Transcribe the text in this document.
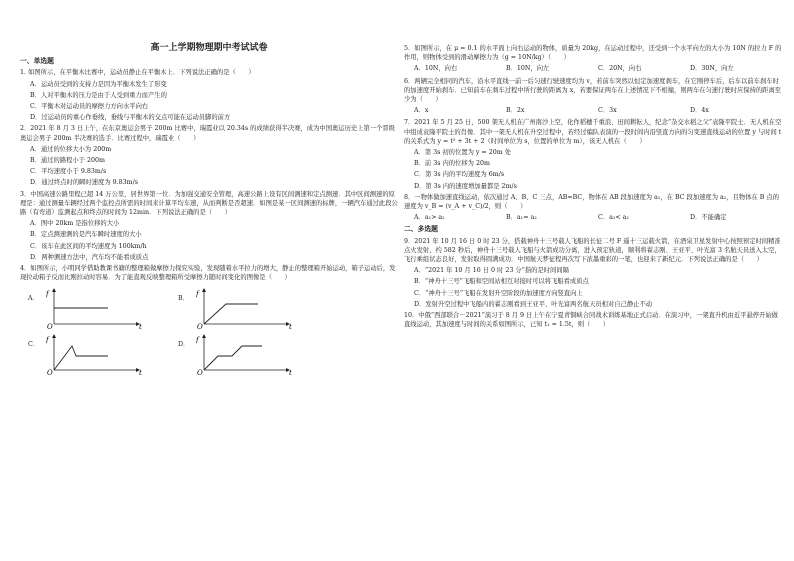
高一上学期物理期中考试试卷
一、单选题
1. 如图所示，在平衡木比赛中，运动员静止在平衡木上．下列说法正确的是（　　）
A．运动员受到的支持力是因为平衡木发生了形变
B．人对平衡木的压力是由于人受到重力而产生的
C．平衡木对运动员的摩擦力方向水平向右
D．过运动员的重心作垂线，垂线与平衡木的交点可能在运动员脚的前方
2．2021 年 8 月 3 日上午，在东京奥运会男子 200m 比赛中，瑞霞业以 20.34s 的成绩获得半决赛，成为中国奥运历史上第一个晋级奥运会男子 200m 半决赛的选手．比赛过程中，瑞霞业（　　）
A．通过的位移大小为 200m
B．通过的路程小于 200m
C．平均速度小于 9.83m/s
D．通过终点时的瞬时速度为 9.83m/s
3．中国高速公路里程已超 14 万公里，居世界第一位．为加强交通安全管理，高速公路上设有区间测速和定点测速．其中区间测速的原理是：通过测量车辆经过两个监控点所需的时间来计算平均车速，从而判断是否超速．如图是某一区间测速的标牌，一辆汽车通过此段公路（有弯道）监测起点和终点的时间为 12min．下列说法正确的是（　　）
A．图中 20km 是指位移的大小
B．定点测速测的是汽车瞬时速度的大小
C．该车在此区间的平均速度为 100km/h
D．两种测速方法中，汽车均不能看成质点
4．如图所示，小明同学借助教课书籍的整理箱做摩擦力探究实验，发现随着水平拉力的增大，静止的整理箱开始运动，箱子运动后，发现拉动箱子反而比刚拉动时容易．为了能直观反映整理箱所受摩擦力随时间变化的图像是（　　）
A．
f
t
O
B．
f
t
O
C．
f
t
O
D．
f
t
O
5．如图所示，在 μ = 0.1 的水平面上向右运动的物体，质量为 20kg，在运动过程中，还受到一个水平向左的大小为 10N 的拉力 F 的作用，则物体受到的滑动摩擦力为（g = 10N/kg）（　　）
A．10N，向右	B．10N，向左	C．20N，向右	D．30N，向左
6．两辆完全相同的汽车，沿水平直线一前一后匀速行驶速度均为 v，若前车突然以恒定加速度刹车，在它刚停车后，后车以前车刹车时的加速度开始刹车．已知前车在刹车过程中所行驶的距离为 x，若要保证两车在上述情况下不相撞，则两车在匀速行驶时应保持的距离至少为（　　）
A．x	B．2x	C．3x	D．4x
7．2021 年 5 月 25 日，500 架无人机在广州南沙上空，化作稻穗千重浪、田间耕耘人，纪念“杂交水稻之父”袁隆平院士．无人机在空中组成袁隆平院士的肖像．其中一架无人机在升空过程中，若经过编队表演的一段时间内沿竖直方向的匀变速直线运动的位置 y 与时间 t 的关系式为 y = t² + 3t + 2（时间单位为 s，位置的单位为 m），该无人机在（　　）
A．第 3s 初的位置为 y = 20m 处
B．前 3s 内的位移为 20m
C．第 3s 内的平均速度为 6m/s
D．第 3s 内的速度增加量都是 2m/s
8．一物体做加速直线运动，依次通过 A、B、C 三点，AB=BC，物体在 AB 段加速度为 a₁，在 BC 段加速度为 a₂，且物体在 B 点的速度为 v_B = (v_A + v_C)/2，则（　　）
A．a₁> a₂	B．a₁= a₂	C．a₁< a₂	D．不能确定
二、多选题
9．2021 年 10 月 16 日 0 时 23 分，搭载神舟十三号载人飞船的长征二号 F 遥十三运载火箭，在酒泉卫星发射中心按照预定时间精准点火发射，约 582 秒后，神舟十三号载人飞船与火箭成功分离，进入预定轨道，顺利将翟志刚、王亚平、叶光富 3 名航天员送入太空，飞行乘组状态良好，发射取得圆满成功．中国航天梦征程再次写下浓墨重彩的一笔，也迎来了新纪元．下列说法正确的是（　　）
A．“2021 年 10 月 16 日 0 时 23 分”指的是时间间隔
B．“神舟十三号”飞船和空间站相互对接时可以将飞船看成质点
C．“神舟十三号”飞船在发射升空阶段的加速度方向竖直向上
D．发射升空过程中飞船内的翟志刚看到王亚平、叶光富两名航天员相对自己静止不动
10．中俄“西部联合－2021”演习于 8 月 9 日上午在宁夏青铜峡合同战术训练基地正式启动．在演习中，一架直升机由近平悬停开始做直线运动，其加速度与时间的关系如图所示，已知 t₁ = 1.5t，则（　　）
